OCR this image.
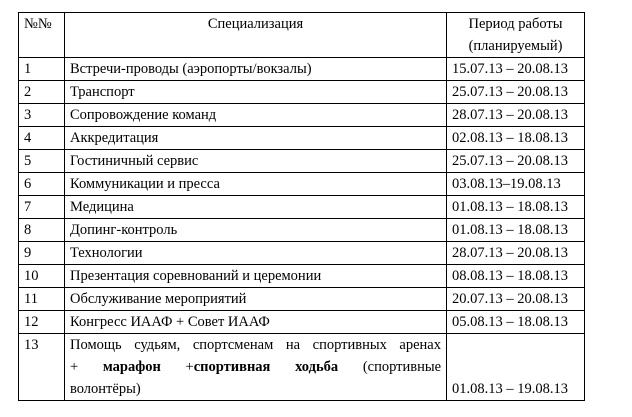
№№	Специализация	Период работы
(планируемый)

1	Встречи-проводы (аэропорты/вокзалы)	15.07.13 – 20.08.13
2	Транспорт	25.07.13 – 20.08.13
3	Сопровождение команд	28.07.13 – 20.08.13
4	Аккредитация	02.08.13 – 18.08.13
5	Гостиничный сервис	25.07.13 – 20.08.13
6	Коммуникации и пресса	03.08.13–19.08.13
7	Медицина	01.08.13 – 18.08.13
8	Допинг-контроль	01.08.13 – 18.08.13
9	Технологии	28.07.13 – 20.08.13
10	Презентация соревнований и церемонии	08.08.13 – 18.08.13
11	Обслуживание мероприятий	20.07.13 – 20.08.13
12	Конгресс ИААФ + Совет ИААФ	05.08.13 – 18.08.13
13	Помощь судьям, спортсменам на спортивных аренах
+ марафон +спортивная ходьба (спортивные
волонтёры)	01.08.13 – 19.08.13
